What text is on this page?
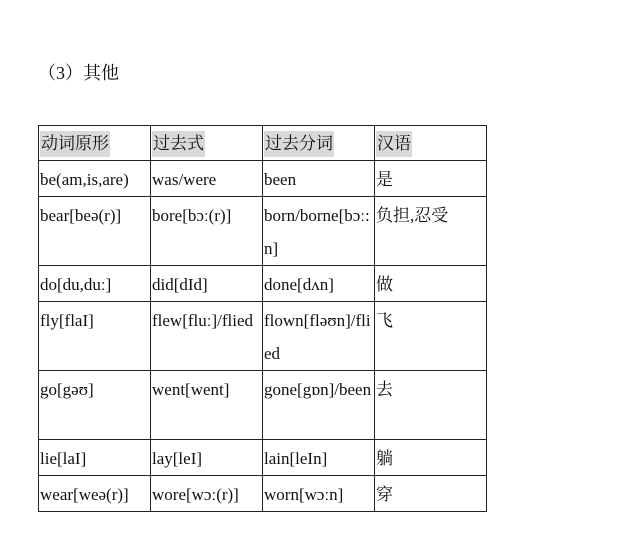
（3）其他
动词原形	过去式	过去分词	汉语
be(am,is,are)	was/were	been	是
bear[beə(r)]	bore[bɔː(r)]	born/borne[bɔː:n]	负担,忍受
do[du,duː]	did[dId]	done[dʌn]	做
fly[flaI]	flew[fluː]/flied	flown[fləʊn]/flied	飞
go[gəʊ]	went[went]	gone[gɒn]/been	去
lie[laI]	lay[leI]	lain[leIn]	躺
wear[weə(r)]	wore[wɔː(r)]	worn[wɔːn]	穿
